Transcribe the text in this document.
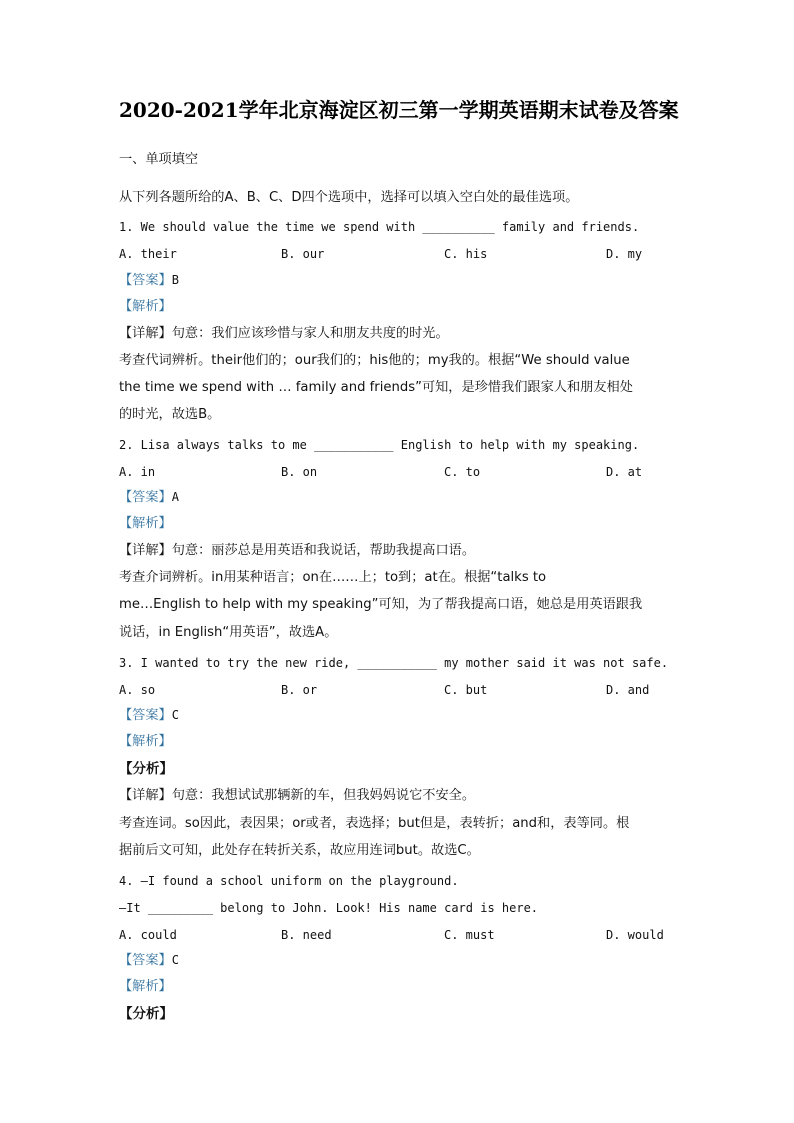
2020-2021学年北京海淀区初三第一学期英语期末试卷及答案
一、单项填空
从下列各题所给的A、B、C、D四个选项中，选择可以填入空白处的最佳选项。
1. We should value the time we spend with __________ family and friends.
A. their	B. our	C. his	D. my
【答案】B
【解析】
【详解】句意：我们应该珍惜与家人和朋友共度的时光。
考查代词辨析。their他们的；our我们的；his他的；my我的。根据“We should value
the time we spend with … family and friends”可知，是珍惜我们跟家人和朋友相处
的时光，故选B。
2. Lisa always talks to me ___________ English to help with my speaking.
A. in	B. on	C. to	D. at
【答案】A
【解析】
【详解】句意：丽莎总是用英语和我说话，帮助我提高口语。
考查介词辨析。in用某种语言；on在……上；to到；at在。根据“talks to
me…English to help with my speaking”可知，为了帮我提高口语，她总是用英语跟我
说话，in English“用英语”，故选A。
3. I wanted to try the new ride, ___________ my mother said it was not safe.
A. so	B. or	C. but	D. and
【答案】C
【解析】
【分析】
【详解】句意：我想试试那辆新的车，但我妈妈说它不安全。
考查连词。so因此，表因果；or或者，表选择；but但是，表转折；and和，表等同。根
据前后文可知，此处存在转折关系，故应用连词but。故选C。
4. —I found a school uniform on the playground.
—It _________ belong to John. Look! His name card is here.
A. could	B. need	C. must	D. would
【答案】C
【解析】
【分析】
